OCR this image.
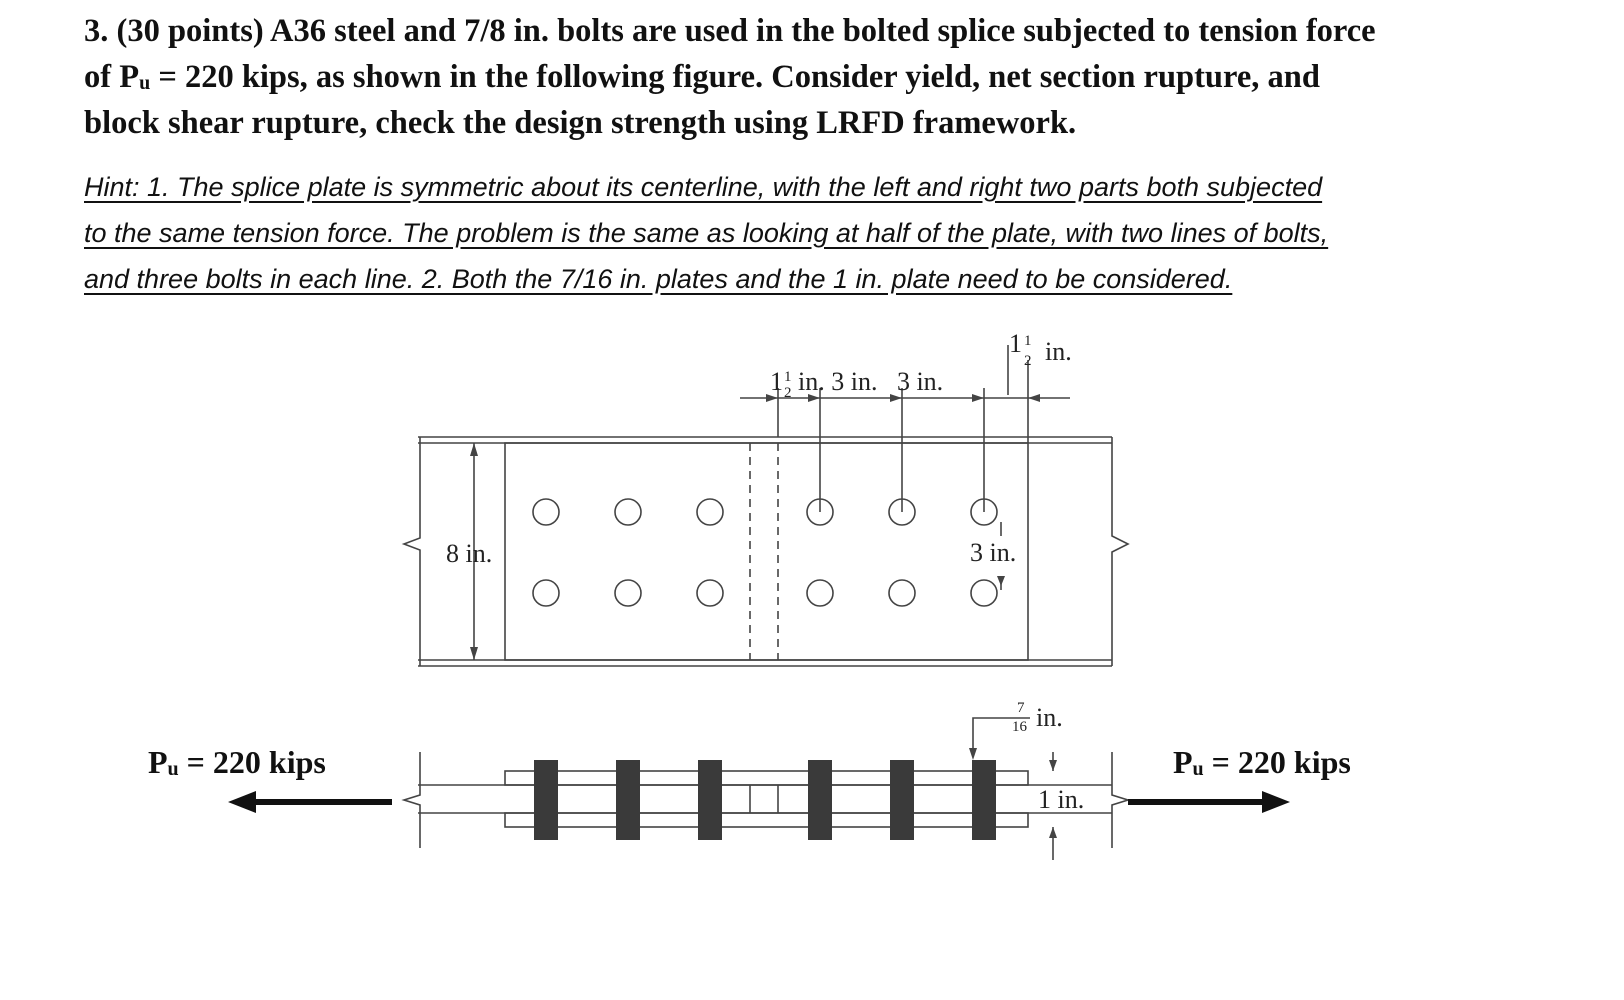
3. (30 points) A36 steel and 7/8 in. bolts are used in the bolted splice subjected to tension force
of $P_u = 220$ kips, as shown in the following figure. Consider yield, net section rupture, and
block shear rupture, check the design strength using LRFD framework.
Hint: 1. The splice plate is symmetric about its centerline, with the left and right two parts both subjected
to the same tension force. The problem is the same as looking at half of the plate, with two lines of bolts,
and three bolts in each line. 2. Both the 7/16 in. plates and the 1 in. plate need to be considered.
1 1
2 in.
1 1
2 in. 3 in.   3 in.
8 in.	3 in.
7
16 in.
1 in.
$P_u = 220$ kips	$P_u = 220$ kips
